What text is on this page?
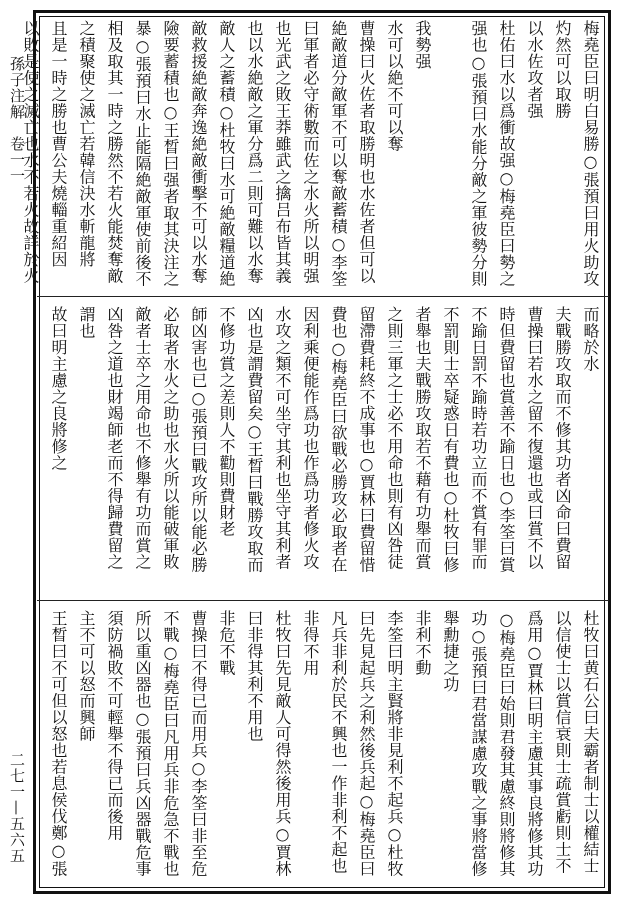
孫子注解　卷一一
二七一—五六五
梅堯臣曰明白易勝○張預曰用火助攻
灼然可以取勝
以水佐攻者强
杜佑曰水以爲衝故强○梅堯臣曰勢之
强也○張預曰水能分敵之軍彼勢分則
我勢强
水可以絶不可以奪
曹操曰火佐者取勝明也水佐者但可以
絶敵道分敵軍不可以奪敵蓄積○李筌
曰軍者必守術數而佐之水火所以明强
也光武之敗王莽雖武之擒吕布皆其義
也以水絶敵之軍分爲二則可難以水奪
敵人之蓄積○杜牧曰水可絶敵糧道絶
敵救援絶敵奔逸絶敵衝擊不可以水奪
險要蓄積也○王晳曰强者取其決注之
暴○張預曰水止能隔絶敵軍使前後不
相及取其一時之勝然不若火能焚奪敵
之積聚使之滅亡若韓信決水斬龍將
且是一時之勝也曹公夫燒輜重紹因
以敗是使之滅亡也水不若火故詳於火
而略於水
夫戰勝攻取而不修其功者凶命曰費留
曹操曰若水之留不復還也或曰賞不以
時但費留也賞善不踰日也○李筌曰賞
不踰日罰不踰時若功立而不賞有罪而
不罰則士卒疑惑日有費也○杜牧曰修
者舉也夫戰勝攻取若不藉有功舉而賞
之則三軍之士必不用命也則有凶咎徒
留滯費耗終不成事也○賈林曰費留惜
費也○梅堯臣曰欲戰必勝攻必取者在
因利乘便能作爲功也作爲功者修火攻
水攻之類不可坐守其利也坐守其利者
凶也是謂費留矣○王晳曰戰勝攻取而
不修功賞之差則人不勸則費財老
師凶害也已○張預曰戰攻所以能必勝
必取者水火之助也水火所以能破軍敗
敵者士卒之用命也不修舉有功而賞之
凶咎之道也財竭師老而不得歸費留之
謂也
故曰明主慮之良將修之
杜牧曰黄石公曰夫霸者制士以權結士
以信使士以賞信衰則士疏賞虧則士不
爲用○賈林曰明主慮其事良將修其功
○梅堯臣曰始則君發其慮終則將修其
功○張預曰君當謀慮攻戰之事將當修
舉勳捷之功
非利不動
李筌曰明主賢將非見利不起兵○杜牧
曰先見起兵之利然後兵起○梅堯臣曰
凡兵非利於民不興也一作非利不起也
非得不用
杜牧曰先見敵人可得然後用兵○賈林
曰非得其利不用也
非危不戰
曹操曰不得已而用兵○李筌曰非至危
不戰○梅堯臣曰凡用兵非危急不戰也
所以重凶器也○張預曰兵凶器戰危事
須防禍敗不可輕舉不得已而後用
主不可以怒而興師
王晳曰不可但以怒也若息侯伐鄭○張
